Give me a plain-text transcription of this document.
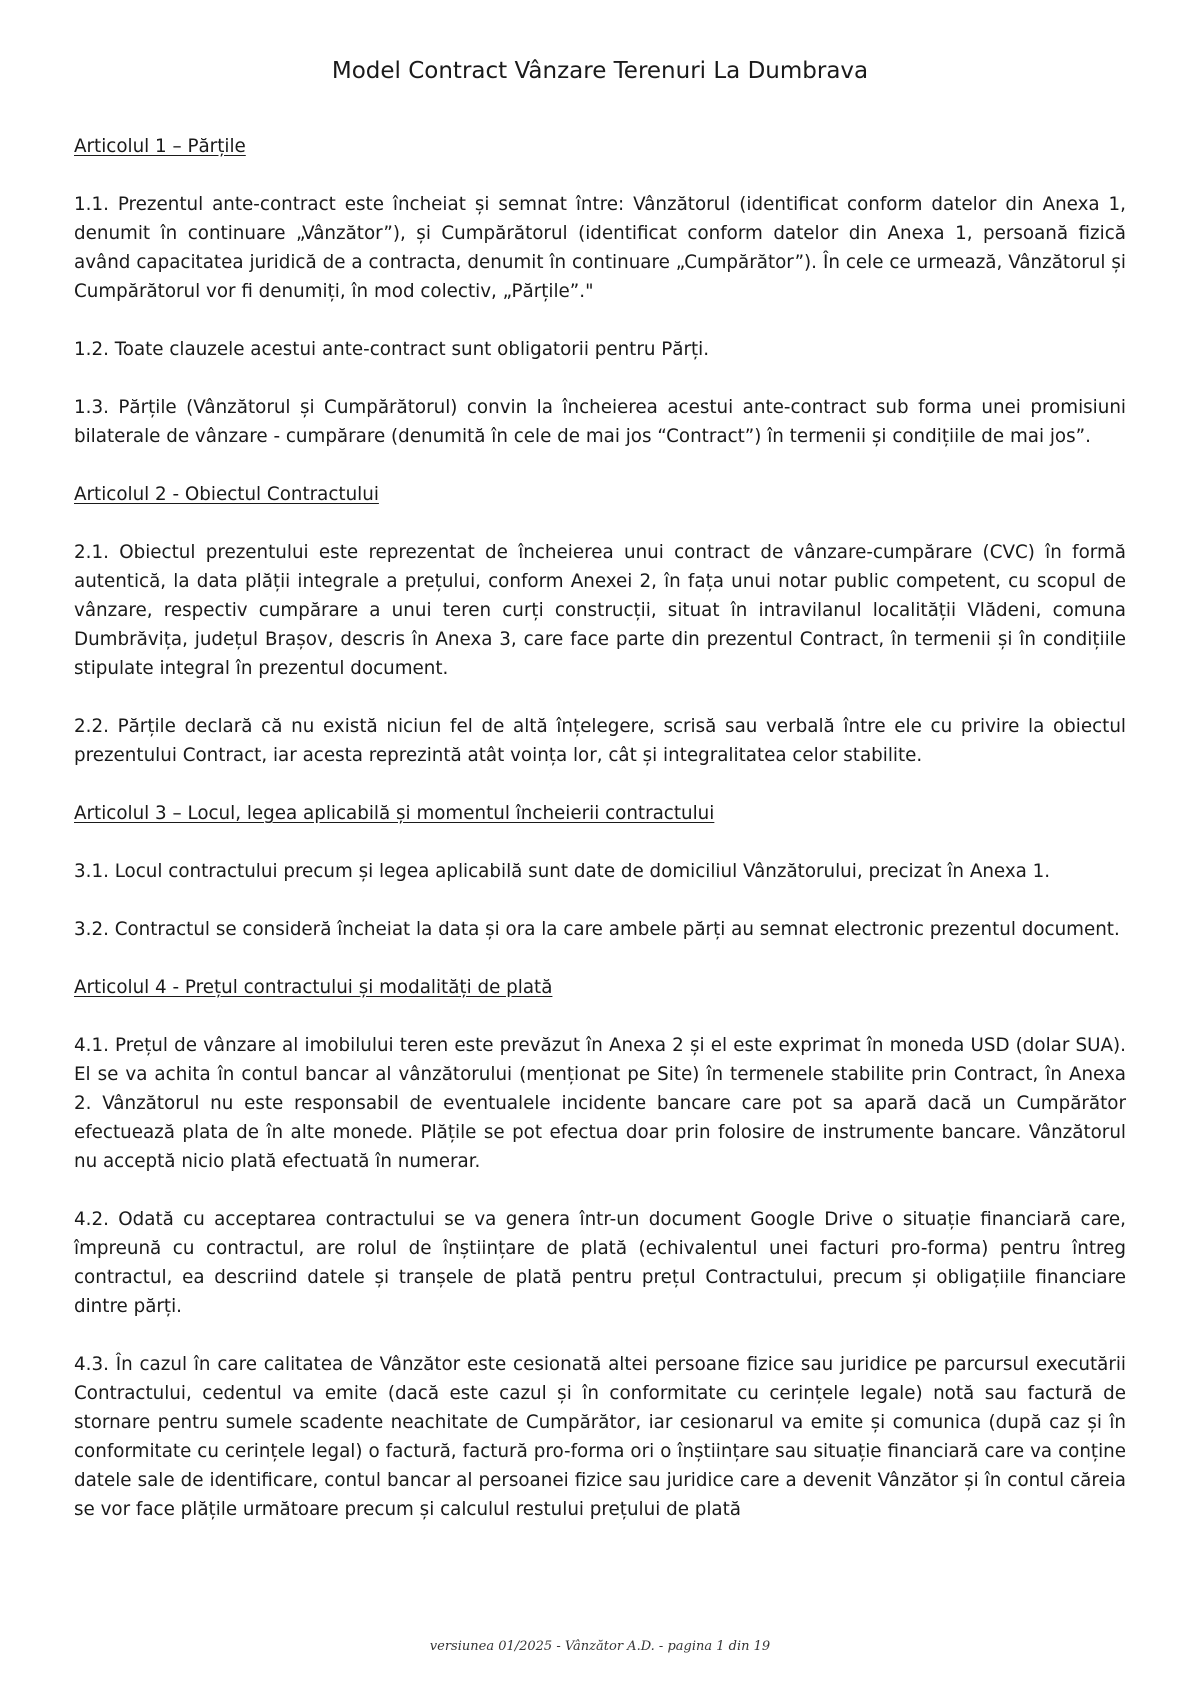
Model Contract Vânzare Terenuri La Dumbrava

Articolul 1 – Părțile

1.1. Prezentul ante-contract este încheiat și semnat între: Vânzătorul (identificat conform datelor din Anexa 1, denumit în continuare „Vânzător”), și Cumpărătorul (identificat conform datelor din Anexa 1, persoană fizică având capacitatea juridică de a contracta, denumit în continuare „Cumpărător”). În cele ce urmează, Vânzătorul și Cumpărătorul vor fi denumiți, în mod colectiv, „Părțile”."

1.2. Toate clauzele acestui ante-contract sunt obligatorii pentru Părți.

1.3. Părțile (Vânzătorul și Cumpărătorul) convin la încheierea acestui ante-contract sub forma unei promisiuni bilaterale de vânzare - cumpărare (denumită în cele de mai jos “Contract”) în termenii și condițiile de mai jos”.

Articolul 2 - Obiectul Contractului

2.1. Obiectul prezentului este reprezentat de încheierea unui contract de vânzare-cumpărare (CVC) în formă autentică, la data plății integrale a prețului, conform Anexei 2, în fața unui notar public competent, cu scopul de vânzare, respectiv cumpărare a unui teren curți construcții, situat în intravilanul localității Vlădeni, comuna Dumbrăvița, județul Brașov, descris în Anexa 3, care face parte din prezentul Contract, în termenii și în condițiile stipulate integral în prezentul document.

2.2. Părțile declară că nu există niciun fel de altă înțelegere, scrisă sau verbală între ele cu privire la obiectul prezentului Contract, iar acesta reprezintă atât voința lor, cât și integralitatea celor stabilite.

Articolul 3 – Locul, legea aplicabilă și momentul încheierii contractului

3.1. Locul contractului precum și legea aplicabilă sunt date de domiciliul Vânzătorului, precizat în Anexa 1.

3.2. Contractul se consideră încheiat la data și ora la care ambele părți au semnat electronic prezentul document.

Articolul 4 - Prețul contractului și modalități de plată

4.1. Prețul de vânzare al imobilului teren este prevăzut în Anexa 2 și el este exprimat în moneda USD (dolar SUA). El se va achita în contul bancar al vânzătorului (menționat pe Site) în termenele stabilite prin Contract, în Anexa 2. Vânzătorul nu este responsabil de eventualele incidente bancare care pot sa apară dacă un Cumpărător efectuează plata de în alte monede. Plățile se pot efectua doar prin folosire de instrumente bancare. Vânzătorul nu acceptă nicio plată efectuată în numerar.

4.2. Odată cu acceptarea contractului se va genera într-un document Google Drive o situație financiară care, împreună cu contractul, are rolul de înștiințare de plată (echivalentul unei facturi pro-forma) pentru întreg contractul, ea descriind datele și tranșele de plată pentru prețul Contractului, precum și obligațiile financiare dintre părți.

4.3. În cazul în care calitatea de Vânzător este cesionată altei persoane fizice sau juridice pe parcursul executării Contractului, cedentul va emite (dacă este cazul și în conformitate cu cerințele legale) notă sau factură de stornare pentru sumele scadente neachitate de Cumpărător, iar cesionarul va emite și comunica (după caz și în conformitate cu cerințele legal) o factură, factură pro-forma ori o înștiințare sau situație financiară care va conține datele sale de identificare, contul bancar al persoanei fizice sau juridice care a devenit Vânzător și în contul căreia se vor face plățile următoare precum și calculul restului prețului de plată

versiunea 01/2025 - Vânzător A.D. - pagina 1 din 19
